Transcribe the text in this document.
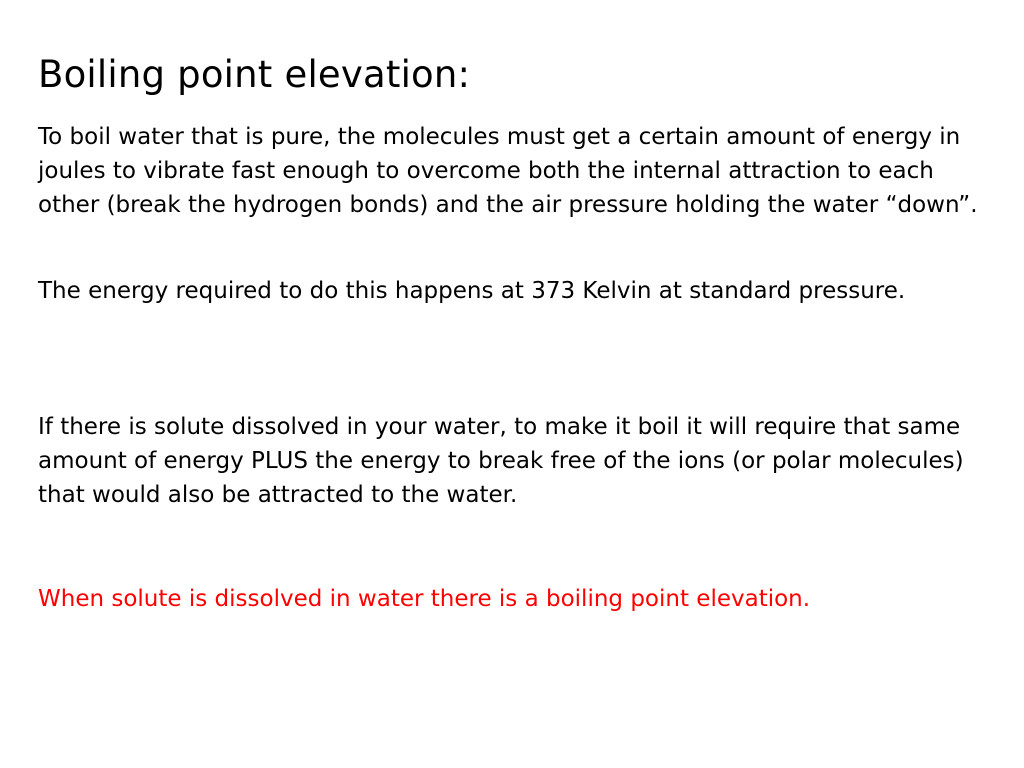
Boiling point elevation:

To boil water that is pure, the molecules must get a certain amount of energy in joules to vibrate fast enough to overcome both the internal attraction to each other (break the hydrogen bonds) and the air pressure holding the water “down”.

The energy required to do this happens at 373 Kelvin at standard pressure.

If there is solute dissolved in your water, to make it boil it will require that same amount of energy PLUS the energy to break free of the ions (or polar molecules) that would also be attracted to the water.

When solute is dissolved in water there is a boiling point elevation.
